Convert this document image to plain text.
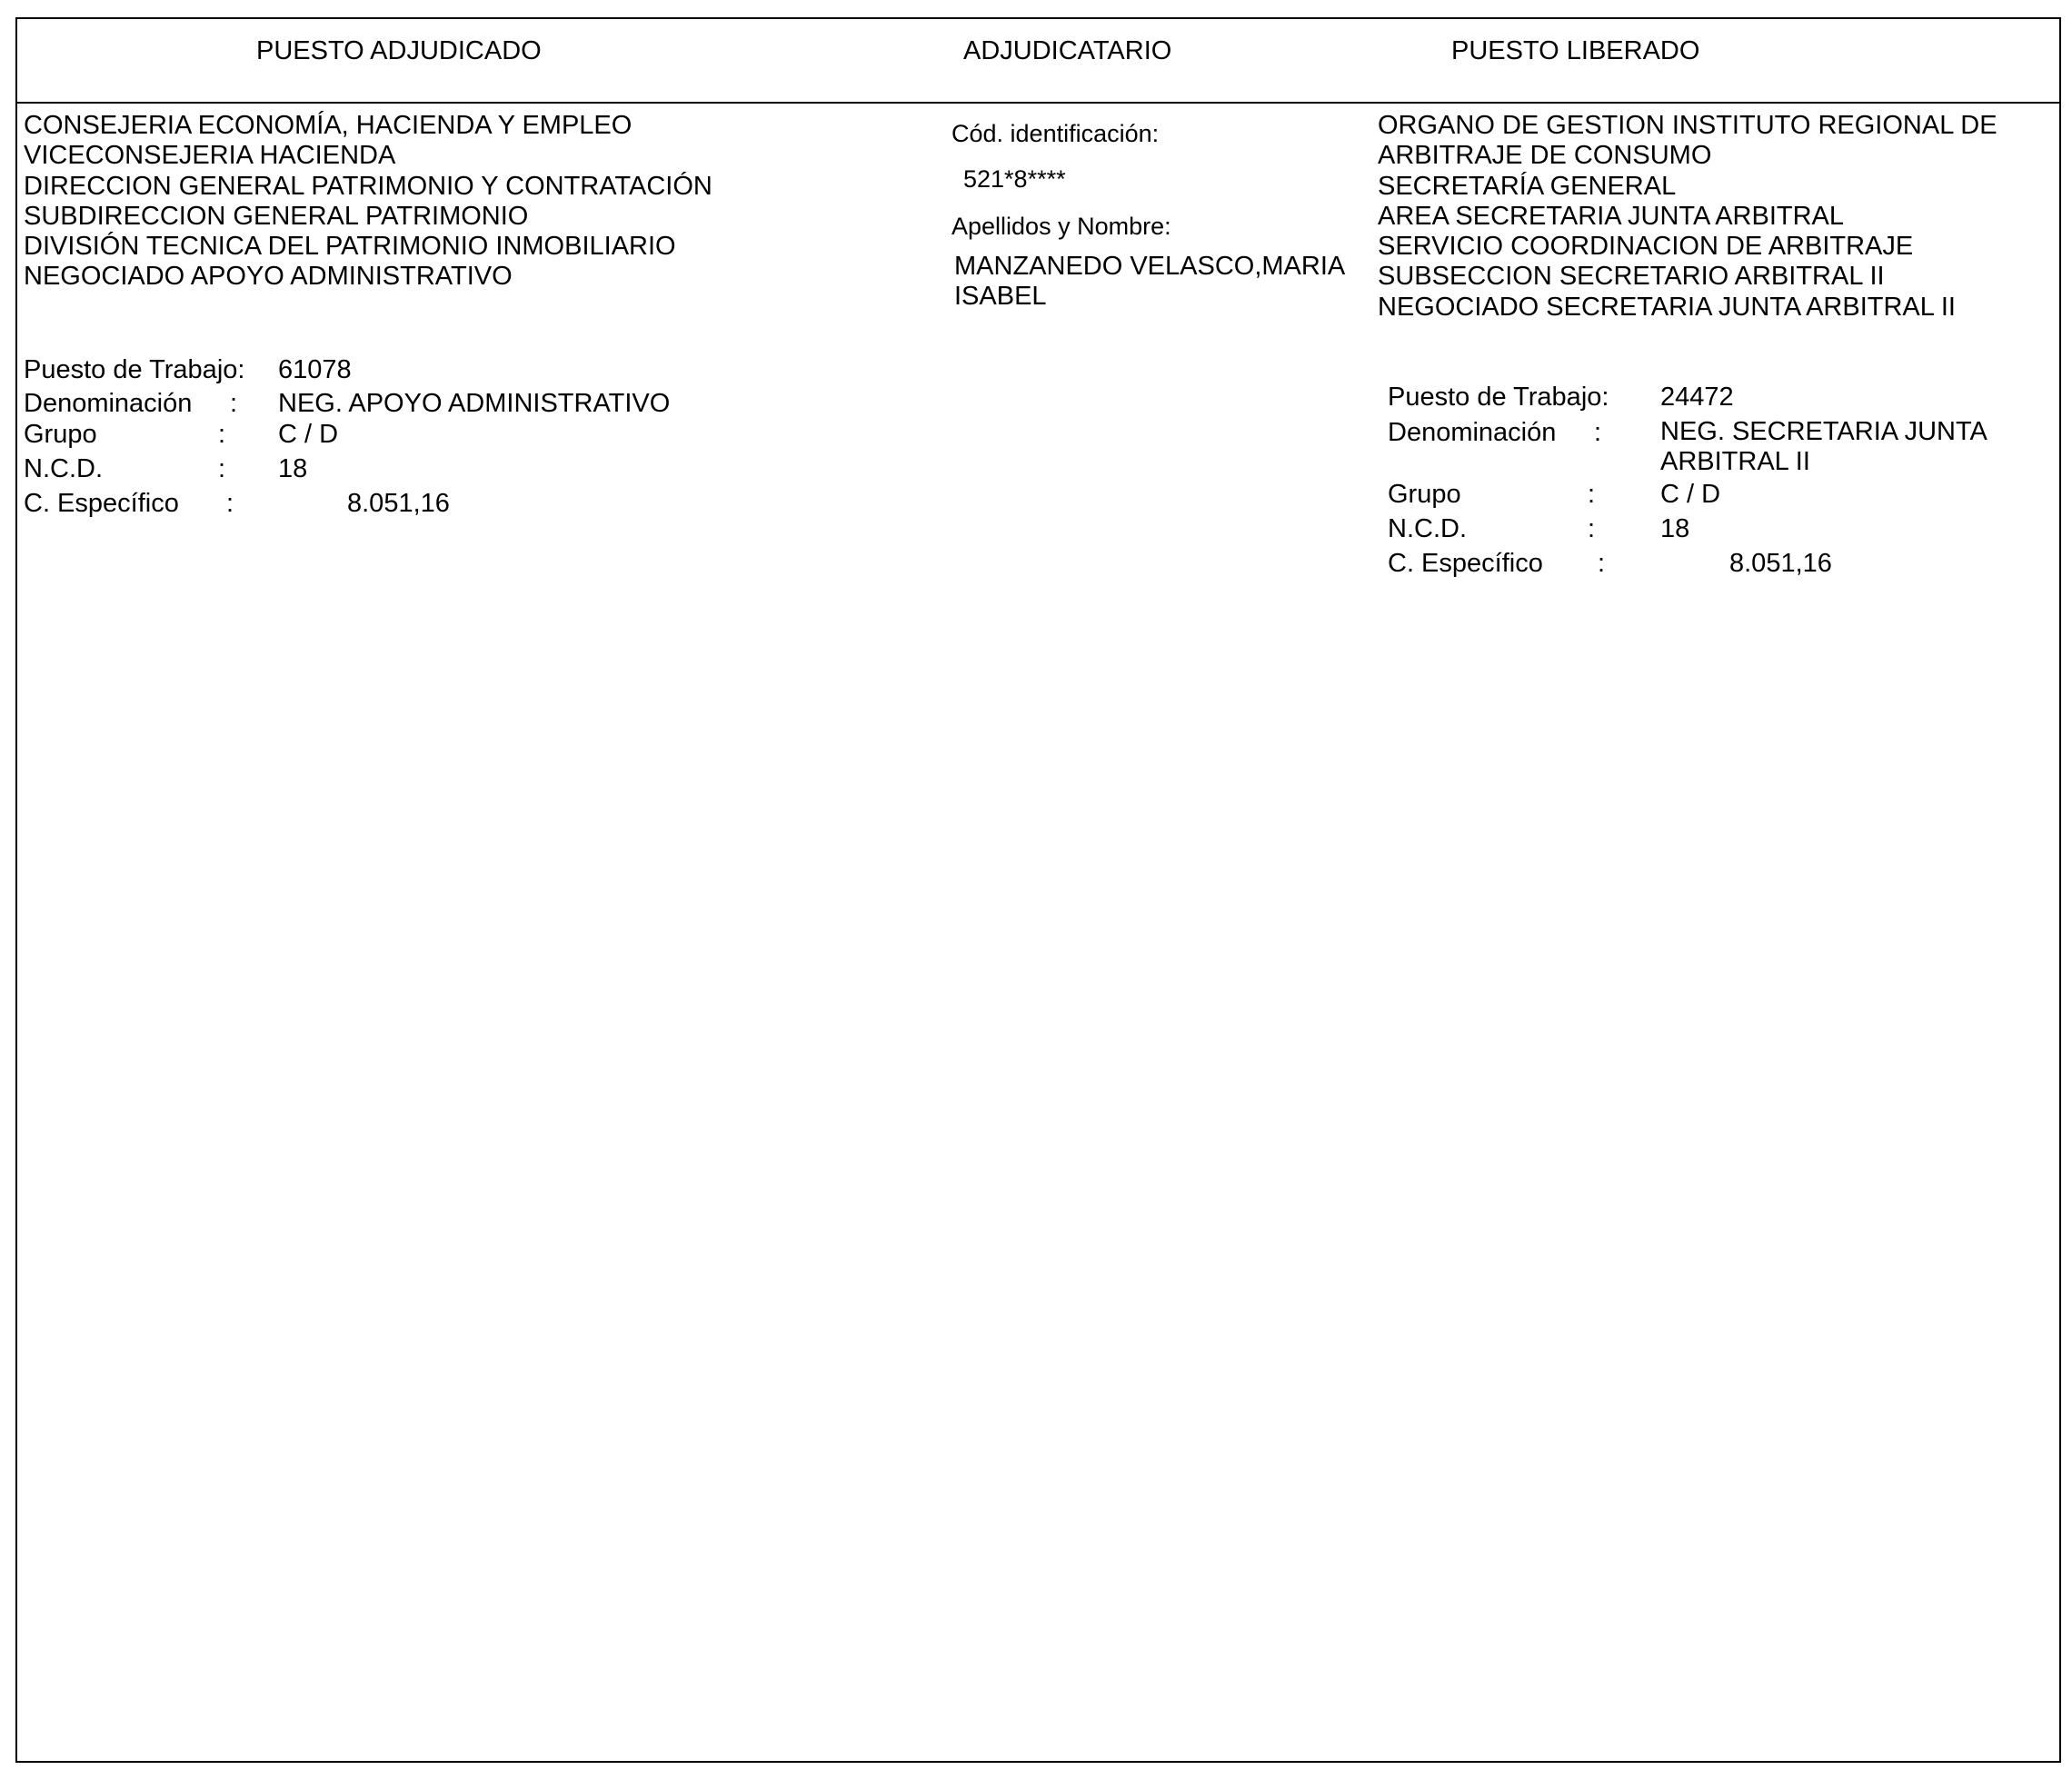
PUESTO ADJUDICADO	ADJUDICATARIO	PUESTO LIBERADO
CONSEJERIA ECONOMÍA, HACIENDA Y EMPLEO
VICECONSEJERIA HACIENDA
DIRECCION GENERAL PATRIMONIO Y CONTRATACIÓN
SUBDIRECCION GENERAL PATRIMONIO
DIVISIÓN TECNICA DEL PATRIMONIO INMOBILIARIO
NEGOCIADO APOYO ADMINISTRATIVO
Puesto de Trabajo: 61078
Denominación : NEG. APOYO ADMINISTRATIVO
Grupo	: C / D
N.C.D.	: 18
C. Específico :	8.051,16
Cód. identificación:
521*8****
Apellidos y Nombre:
MANZANEDO VELASCO,MARIA
ISABEL
ORGANO DE GESTION INSTITUTO REGIONAL DE
ARBITRAJE DE CONSUMO
SECRETARÍA GENERAL
AREA SECRETARIA JUNTA ARBITRAL
SERVICIO COORDINACION DE ARBITRAJE
SUBSECCION SECRETARIO ARBITRAL II
NEGOCIADO SECRETARIA JUNTA ARBITRAL II
Puesto de Trabajo: 24472
Denominación : NEG. SECRETARIA JUNTA
ARBITRAL II
Grupo	: C / D
N.C.D.	: 18
C. Específico :	8.051,16
